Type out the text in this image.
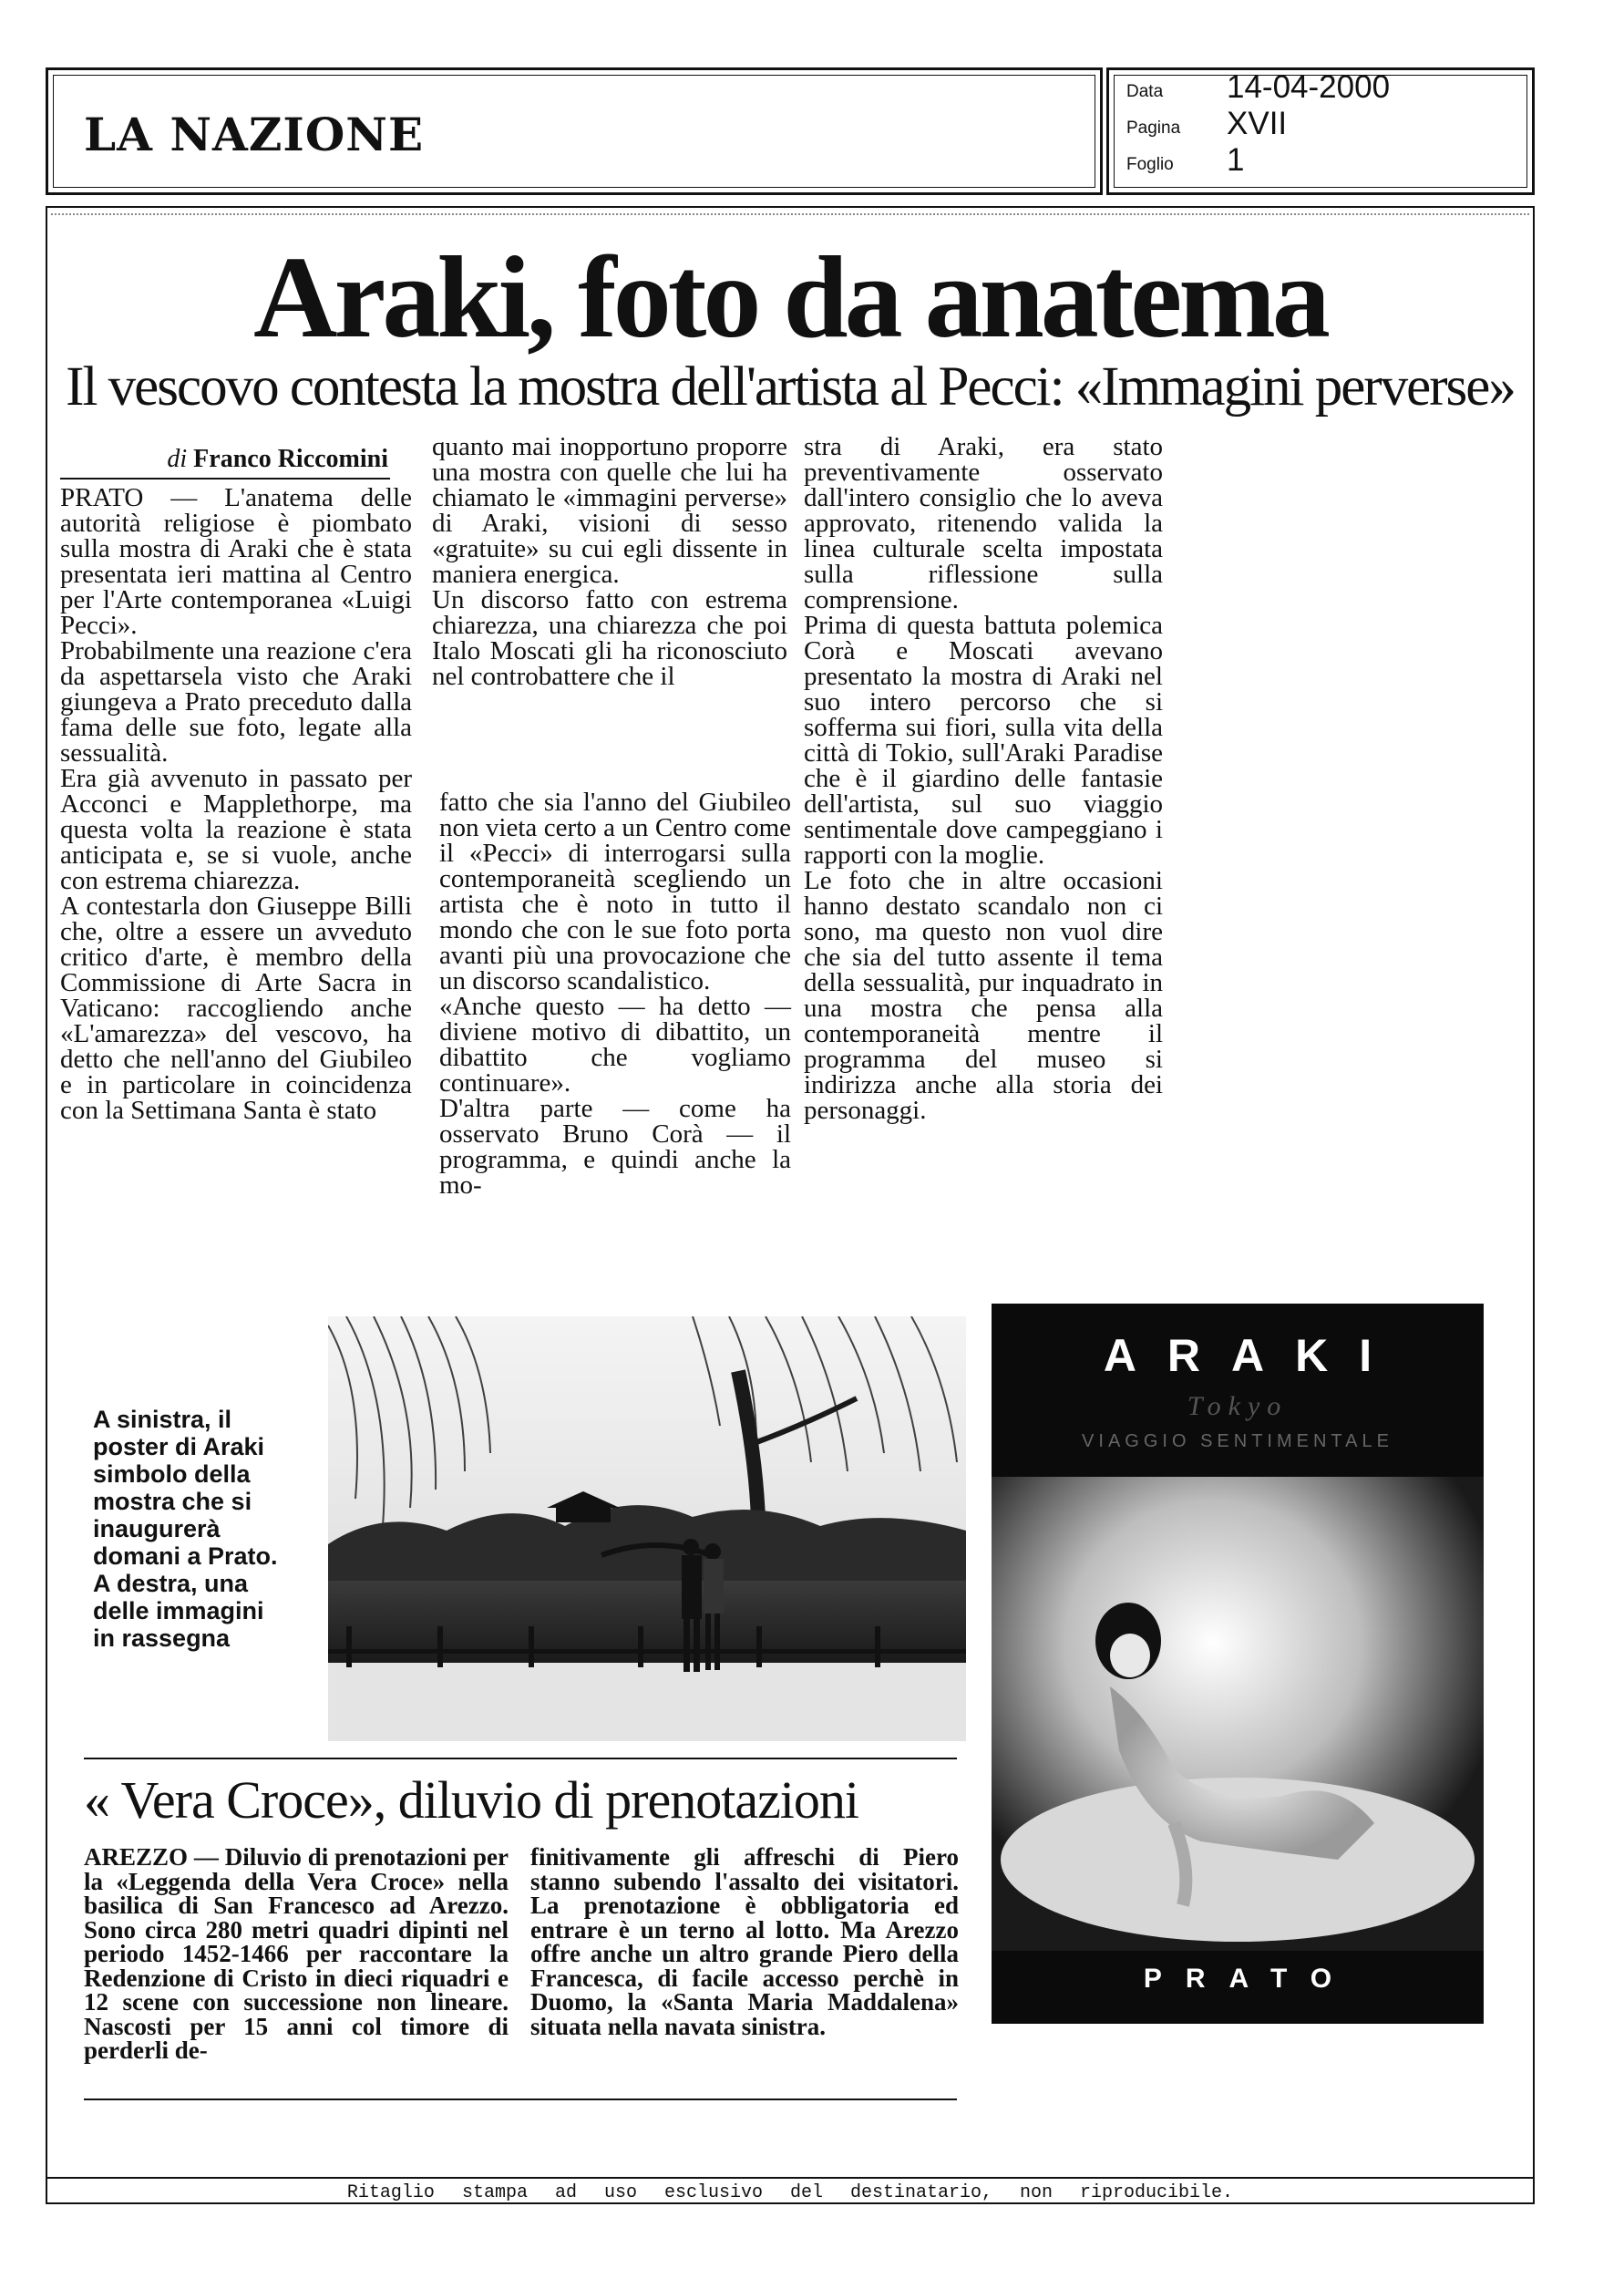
LA NAZIONE
Data 14-04-2000
Pagina XVII
Foglio 1
Araki, foto da anatema
Il vescovo contesta la mostra dell'artista al Pecci: «Immagini perverse»
di Franco Riccomini

PRATO — L'anatema delle autorità religiose è piombato sulla mostra di Araki che è stata presentata ieri mattina al Centro per l'Arte contemporanea «Luigi Pecci».

Probabilmente una reazione c'era da aspettarsela visto che Araki giungeva a Prato preceduto dalla fama delle sue foto, legate alla sessualità.

Era già avvenuto in passato per Acconci e Mapplethorpe, ma questa volta la reazione è stata anticipata e, se si vuole, anche con estrema chiarezza.

A contestarla don Giuseppe Billi che, oltre a essere un avveduto critico d'arte, è membro della Commissione di Arte Sacra in Vaticano: raccogliendo anche «L'amarezza» del vescovo, ha detto che nell'anno del Giubileo e in particolare in coincidenza con la Settimana Santa è stato

quanto mai inopportuno proporre una mostra con quelle che lui ha chiamato le «immagini perverse» di Araki, visioni di sesso «gratuite» su cui egli dissente in maniera energica.

Un discorso fatto con estrema chiarezza, una chiarezza che poi Italo Moscati gli ha riconosciuto nel controbattere che il

fatto che sia l'anno del Giubileo non vieta certo a un Centro come il «Pecci» di interrogarsi sulla contemporaneità scegliendo un artista che è noto in tutto il mondo che con le sue foto porta avanti più una provocazione che un discorso scandalistico.

«Anche questo — ha detto — diviene motivo di dibattito, un dibattito che vogliamo continuare».

D'altra parte — come ha osservato Bruno Corà — il programma, e quindi anche la mo-

stra di Araki, era stato preventivamente osservato dall'intero consiglio che lo aveva approvato, ritenendo valida la linea culturale scelta impostata sulla riflessione sulla comprensione.

Prima di questa battuta polemica Corà e Moscati avevano presentato la mostra di Araki nel suo intero percorso che si sofferma sui fiori, sulla vita della città di Tokio, sull'Araki Paradise che è il giardino delle fantasie dell'artista, sul suo viaggio sentimentale dove campeggiano i rapporti con la moglie.

Le foto che in altre occasioni hanno destato scandalo non ci sono, ma questo non vuol dire che sia del tutto assente il tema della sessualità, pur inquadrato in una mostra che pensa alla contemporaneità mentre il programma del museo si indirizza anche alla storia dei personaggi.

A sinistra, il poster di Araki simbolo della mostra che si inaugurerà domani a Prato. A destra, una delle immagini in rassegna
ARAKI
Tokyo
VIAGGIO SENTIMENTALE
PRATO
« Vera Croce», diluvio di prenotazioni
AREZZO — Diluvio di prenotazioni per la «Leggenda della Vera Croce» nella basilica di San Francesco ad Arezzo. Sono circa 280 metri quadri dipinti nel periodo 1452-1466 per raccontare la Redenzione di Cristo in dieci riquadri e 12 scene con successione non lineare. Nascosti per 15 anni col timore di perderli de-
finitivamente gli affreschi di Piero stanno subendo l'assalto dei visitatori. La prenotazione è obbligatoria ed entrare è un terno al lotto. Ma Arezzo offre anche un altro grande Piero della Francesca, di facile accesso perchè in Duomo, la «Santa Maria Maddalena» situata nella navata sinistra.
Ritaglio stampa ad uso esclusivo del destinatario, non riproducibile.
